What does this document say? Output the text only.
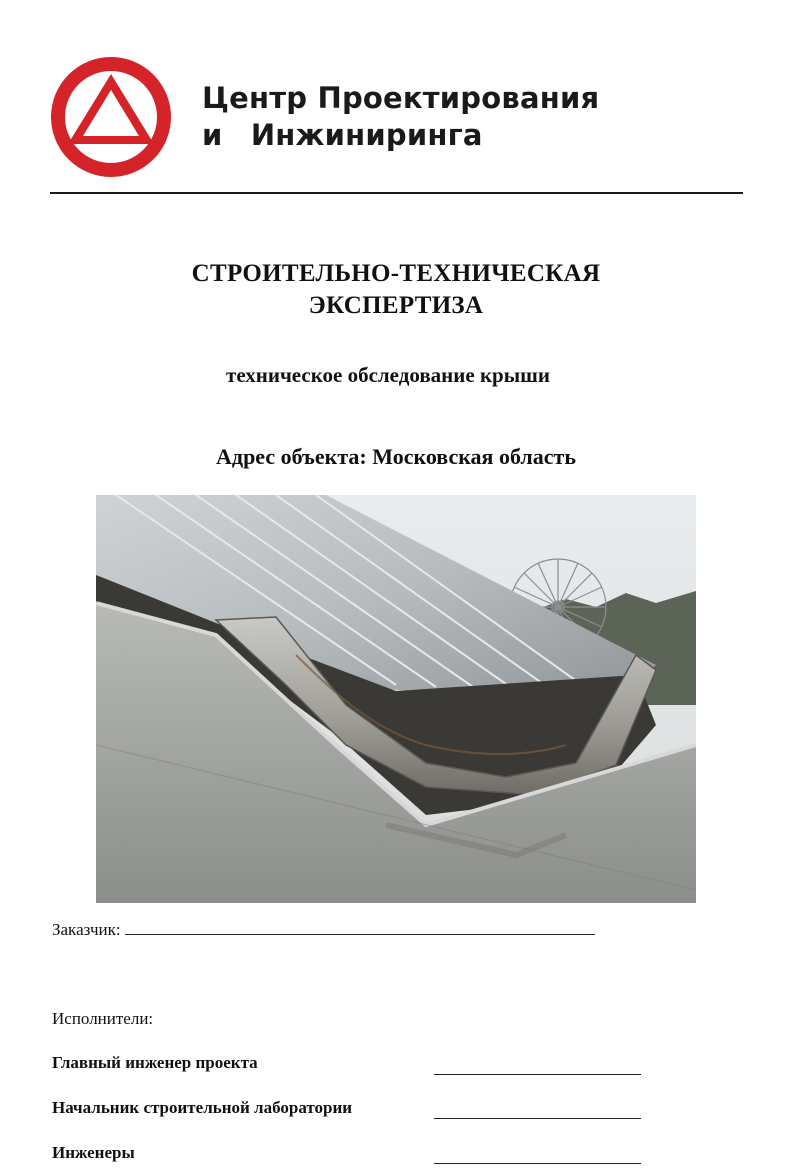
Центр Проектирования
и Инжиниринга
СТРОИТЕЛЬНО-ТЕХНИЧЕСКАЯ
ЭКСПЕРТИЗА
техническое обследование крыши
Адрес объекта: Московская область
Заказчик:
Исполнители:
Главный инженер проекта
Начальник строительной лаборатории
Инженеры
